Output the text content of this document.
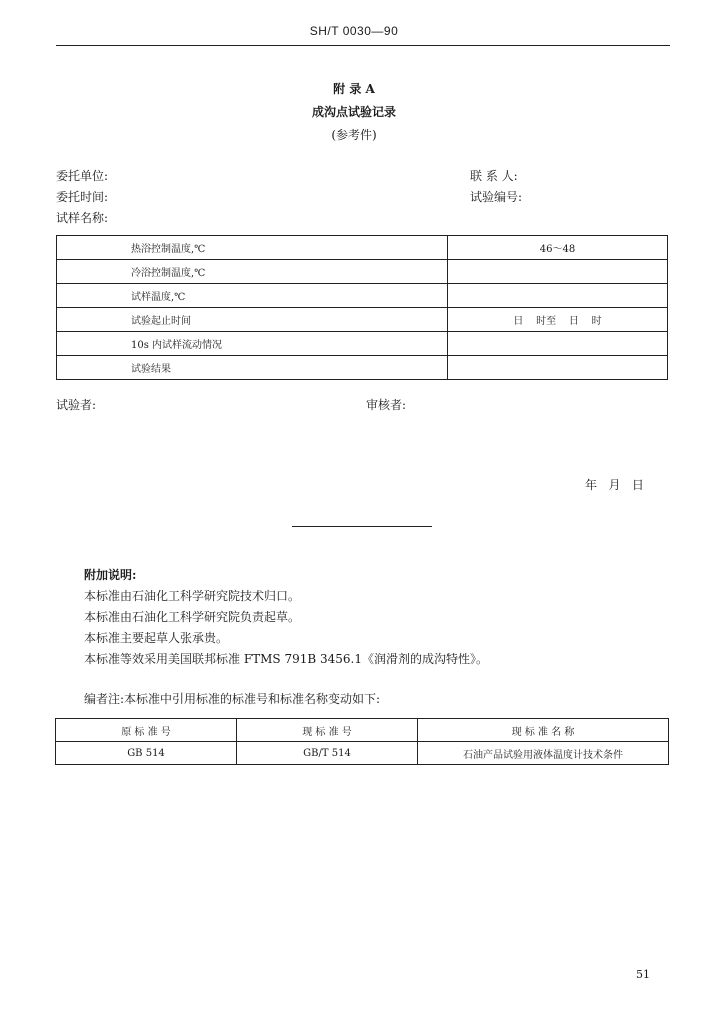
SH/T 0030—90
附 录 A
成沟点试验记录
(参考件)
委托单位:	联 系 人:
委托时间:	试验编号:
试样名称:
热浴控制温度,℃	46～48
冷浴控制温度,℃	
试样温度,℃	
试验起止时间	日    时至    日    时
10s 内试样流动情况	
试验结果	
试验者:	审核者:
年   月   日
附加说明:
本标准由石油化工科学研究院技术归口。
本标准由石油化工科学研究院负责起草。
本标准主要起草人张承贵。
本标准等效采用美国联邦标准 FTMS 791B 3456.1《润滑剂的成沟特性》。
编者注:本标准中引用标准的标准号和标准名称变动如下:
原 标 准 号	现 标 准 号	现 标 准 名 称
GB 514	GB/T 514	石油产品试验用液体温度计技术条件
51
